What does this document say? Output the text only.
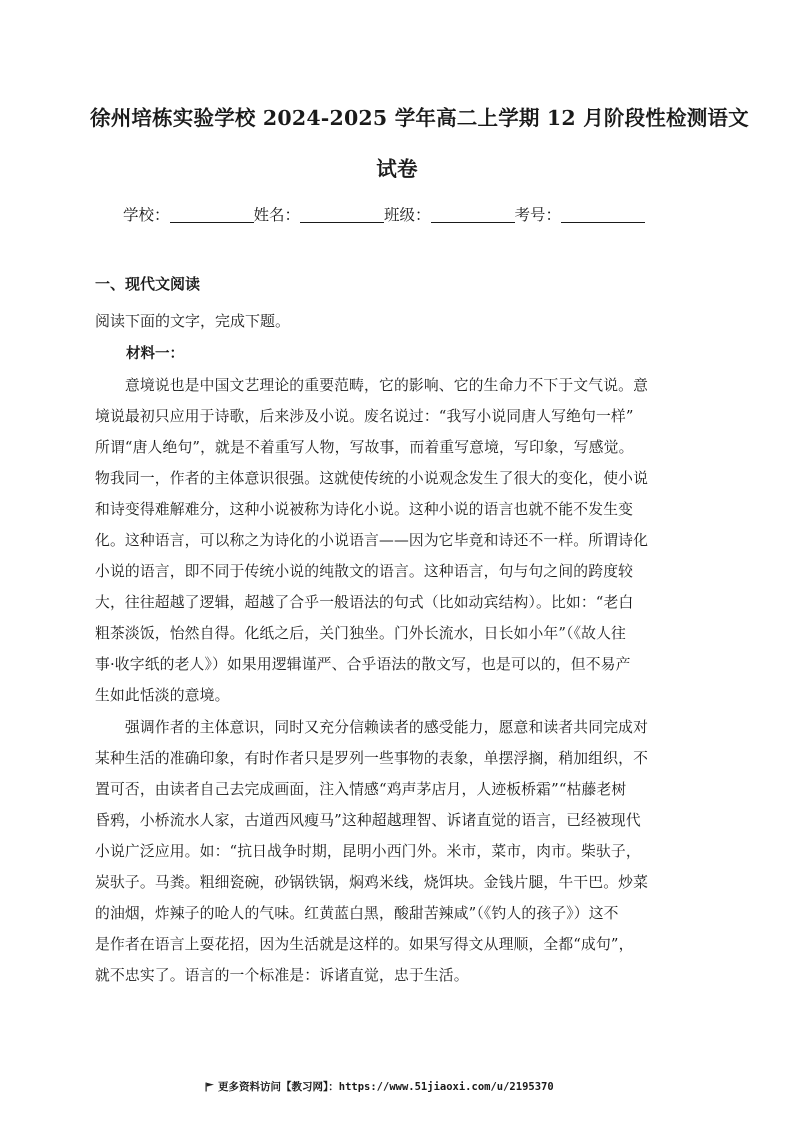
徐州培栋实验学校 2024-2025 学年高二上学期 12 月阶段性检测语文
试卷
学校：	姓名：	班级：	考号：
一、现代文阅读
阅读下面的文字，完成下题。
材料一：
　　意境说也是中国文艺理论的重要范畴，它的影响、它的生命力不下于文气说。意
境说最初只应用于诗歌，后来涉及小说。废名说过：“我写小说同唐人写绝句一样”
所谓“唐人绝句”，就是不着重写人物，写故事，而着重写意境，写印象，写感觉。
物我同一，作者的主体意识很强。这就使传统的小说观念发生了很大的变化，使小说
和诗变得难解难分，这种小说被称为诗化小说。这种小说的语言也就不能不发生变
化。这种语言，可以称之为诗化的小说语言——因为它毕竟和诗还不一样。所谓诗化
小说的语言，即不同于传统小说的纯散文的语言。这种语言，句与句之间的跨度较
大，往往超越了逻辑，超越了合乎一般语法的句式（比如动宾结构）。比如：“老白
粗茶淡饭，怡然自得。化纸之后，关门独坐。门外长流水，日长如小年”（《故人往
事·收字纸的老人》）如果用逻辑谨严、合乎语法的散文写，也是可以的，但不易产
生如此恬淡的意境。
　　强调作者的主体意识，同时又充分信赖读者的感受能力，愿意和读者共同完成对
某种生活的准确印象，有时作者只是罗列一些事物的表象，单摆浮搁，稍加组织，不
置可否，由读者自己去完成画面，注入情感“鸡声茅店月，人迹板桥霜”“枯藤老树
昏鸦，小桥流水人家，古道西风瘦马”这种超越理智、诉诸直觉的语言，已经被现代
小说广泛应用。如：“抗日战争时期，昆明小西门外。米市，菜市，肉市。柴驮子，
炭驮子。马粪。粗细瓷碗，砂锅铁锅，焖鸡米线，烧饵块。金钱片腿，牛干巴。炒菜
的油烟，炸辣子的呛人的气味。红黄蓝白黑，酸甜苦辣咸”（《钓人的孩子》）这不
是作者在语言上耍花招，因为生活就是这样的。如果写得文从理顺，全都“成句”，
就不忠实了。语言的一个标准是：诉诸直觉，忠于生活。
更多资料访问【教习网】：https://www.51jiaoxi.com/u/2195370
